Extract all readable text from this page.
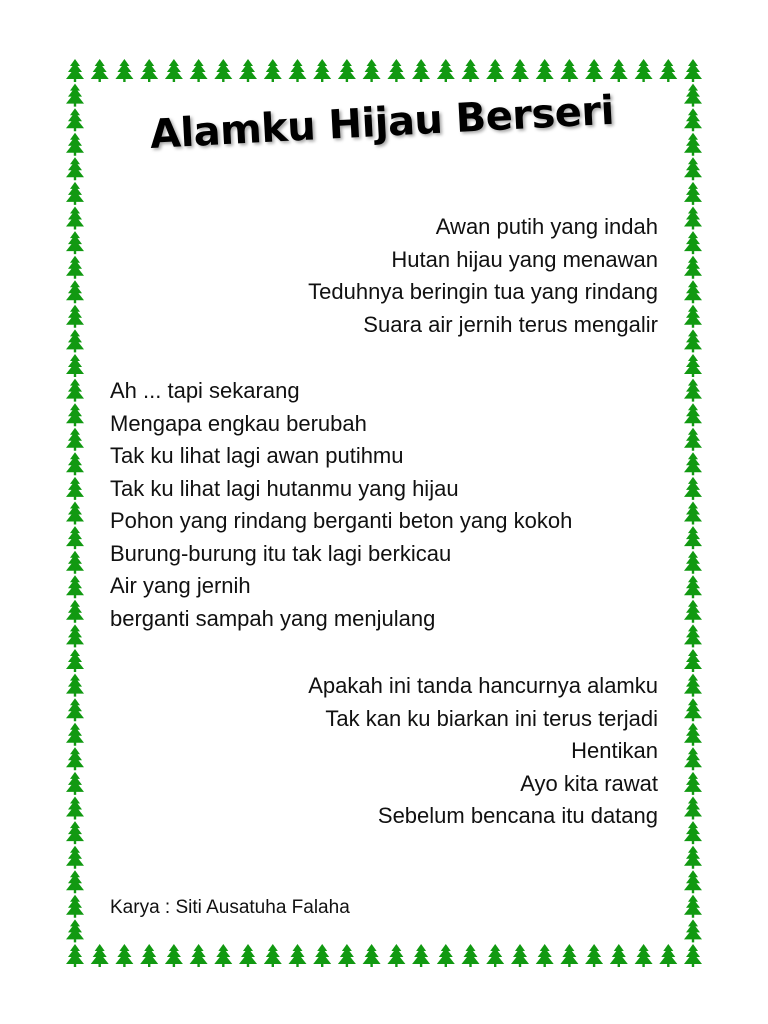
Alamku Hijau Berseri
Awan putih yang indah
Hutan hijau yang menawan
Teduhnya beringin tua yang rindang
Suara air jernih terus mengalir
Ah ... tapi sekarang
Mengapa engkau berubah
Tak ku lihat lagi awan putihmu
Tak ku lihat lagi hutanmu yang hijau
Pohon yang rindang berganti beton yang kokoh
Burung-burung itu tak lagi berkicau
Air yang jernih
berganti sampah yang menjulang
Apakah ini tanda hancurnya alamku
Tak kan ku biarkan ini terus terjadi
Hentikan
Ayo kita rawat
Sebelum bencana itu datang
Karya : Siti Ausatuha Falaha
